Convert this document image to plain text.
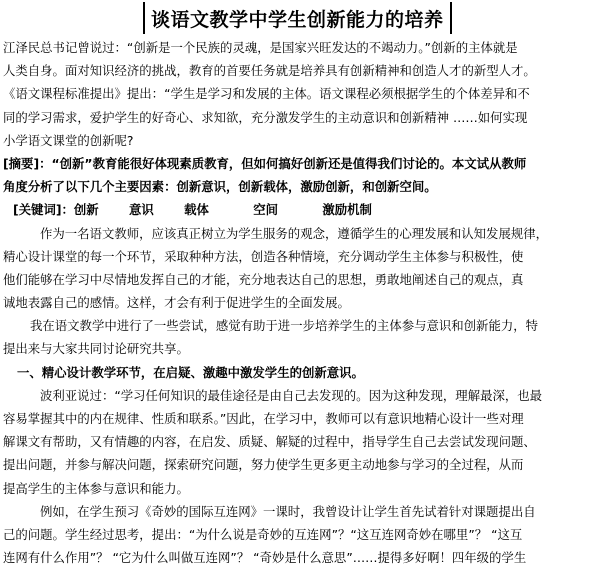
谈语文教学中学生创新能力的培养
江泽民总书记曾说过：“创新是一个民族的灵魂，是国家兴旺发达的不竭动力。”创新的主体就是
人类自身。面对知识经济的挑战，教育的首要任务就是培养具有创新精神和创造人才的新型人才。
《语文课程标准提出》提出：“学生是学习和发展的主体。语文课程必须根据学生的个体差异和不
同的学习需求，爱护学生的好奇心、求知欲，充分激发学生的主动意识和创新精神 ……如何实现
小学语文课堂的创新呢?
[摘要]：“创新”教育能很好体现素质教育，但如何搞好创新还是值得我们讨论的。本文试从教师
角度分析了以下几个主要因素：创新意识，创新载体，激励创新，和创新空间。
[关键词]：创新 意识 载体	空间	激励机制
作为一名语文教师，应该真正树立为学生服务的观念，遵循学生的心理发展和认知发展规律，
精心设计课堂的每一个环节，采取种种方法，创造各种情境，充分调动学生主体参与积极性，使
他们能够在学习中尽情地发挥自己的才能，充分地表达自己的思想，勇敢地阐述自己的观点，真
诚地表露自己的感情。这样，才会有利于促进学生的全面发展。
我在语文教学中进行了一些尝试，感觉有助于进一步培养学生的主体参与意识和创新能力，特
提出来与大家共同讨论研究共享。
一、精心设计教学环节，在启疑、激趣中激发学生的创新意识。
波利亚说过：“学习任何知识的最佳途径是由自己去发现的。因为这种发现，理解最深，也最
容易掌握其中的内在规律、性质和联系。”因此，在学习中，教师可以有意识地精心设计一些对理
解课文有帮助，又有情趣的内容，在启发、质疑、解疑的过程中，指导学生自己去尝试发现问题、
提出问题，并参与解决问题，探索研究问题，努力使学生更多更主动地参与学习的全过程，从而
提高学生的主体参与意识和能力。
例如，在学生预习《奇妙的国际互连网》一课时，我曾设计让学生首先试着针对课题提出自
己的问题。学生经过思考，提出：“为什么说是奇妙的互连网”？“这互连网奇妙在哪里”？ “这互
连网有什么作用”？ “它为什么叫做互连网”？ “奇妙是什么意思”……提得多好啊！四年级的学生
